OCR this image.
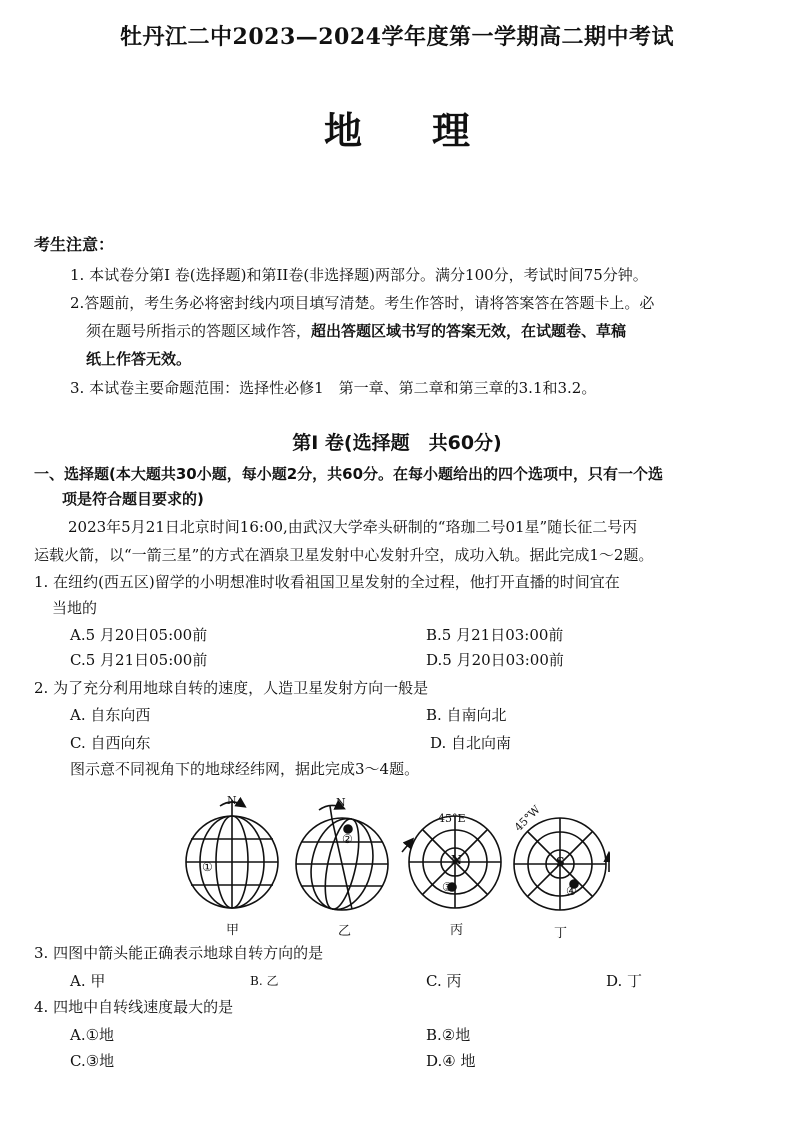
牡丹江二中2023—2024学年度第一学期高二期中考试
地理
考生注意：
1. 本试卷分第I 卷(选择题)和第II卷(非选择题)两部分。满分100分，考试时间75分钟。
2.答题前，考生务必将密封线内项目填写清楚。考生作答时，请将答案答在答题卡上。必
须在题号所指示的答题区域作答，超出答题区域书写的答案无效，在试题卷、草稿
纸上作答无效。
3. 本试卷主要命题范围：选择性必修1　第一章、第二章和第三章的3.1和3.2。
第I 卷(选择题　共60分)
一、选择题(本大题共30小题，每小题2分，共60分。在每小题给出的四个选项中，只有一个选
项是符合题目要求的)
2023年5月21日北京时间16:00,由武汉大学牵头研制的“珞珈二号01星”随长征二号丙
运载火箭，以“一箭三星”的方式在酒泉卫星发射中心发射升空，成功入轨。据此完成1～2题。
1. 在纽约(西五区)留学的小明想准时收看祖国卫星发射的全过程，他打开直播的时间宜在
当地的
A.5 月20日05:00前	B.5 月21日03:00前
C.5 月21日05:00前	D.5 月20日03:00前
2. 为了充分利用地球自转的速度，人造卫星发射方向一般是
A. 自东向西	B. 自南向北
C. 自西向东	D. 自北向南
图示意不同视角下的地球经纬网，据此完成3～4题。
N	N
45°E	45°W
N	S
①
②
③	④
甲	乙	丙	丁
3. 四图中箭头能正确表示地球自转方向的是
A. 甲	B. 乙	C. 丙	D. 丁
4. 四地中自转线速度最大的是
A.①地	B.②地
C.③地	D.④ 地
